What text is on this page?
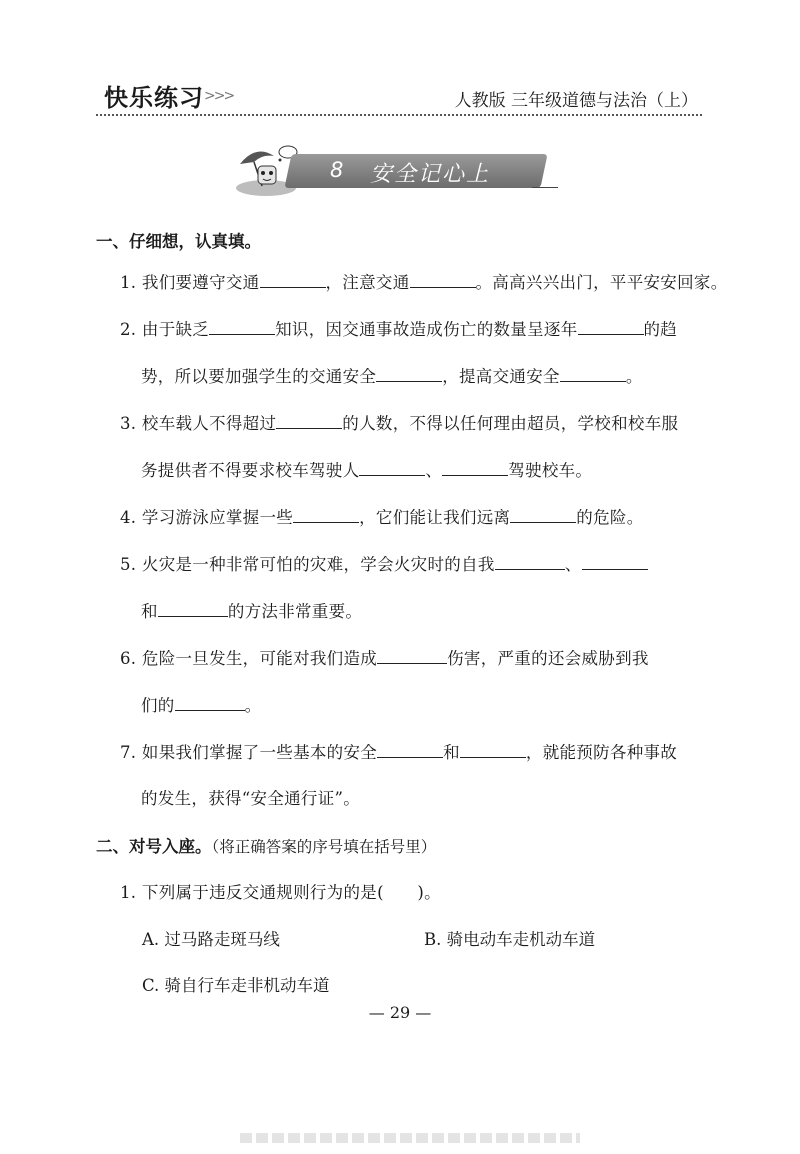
快乐练习 >>>	人教版 三年级道德与法治（上）
8 安全记心上
一、仔细想，认真填。
1. 我们要遵守交通	，注意交通	。高高兴兴出门，平平安安回家。
2. 由于缺乏	知识，因交通事故造成伤亡的数量呈逐年	的趋
势，所以要加强学生的交通安全	，提高交通安全	。
3. 校车载人不得超过	的人数，不得以任何理由超员，学校和校车服
务提供者不得要求校车驾驶人	、	驾驶校车。
4. 学习游泳应掌握一些	，它们能让我们远离	的危险。
5. 火灾是一种非常可怕的灾难，学会火灾时的自我	、
和	的方法非常重要。
6. 危险一旦发生，可能对我们造成	伤害，严重的还会威胁到我
们的	。
7. 如果我们掌握了一些基本的安全	和	，就能预防各种事故
的发生，获得“安全通行证”。
二、对号入座。（将正确答案的序号填在括号里）
1. 下列属于违反交通规则行为的是(　　)。
A. 过马路走斑马线	B. 骑电动车走机动车道
C. 骑自行车走非机动车道
— 29 —
